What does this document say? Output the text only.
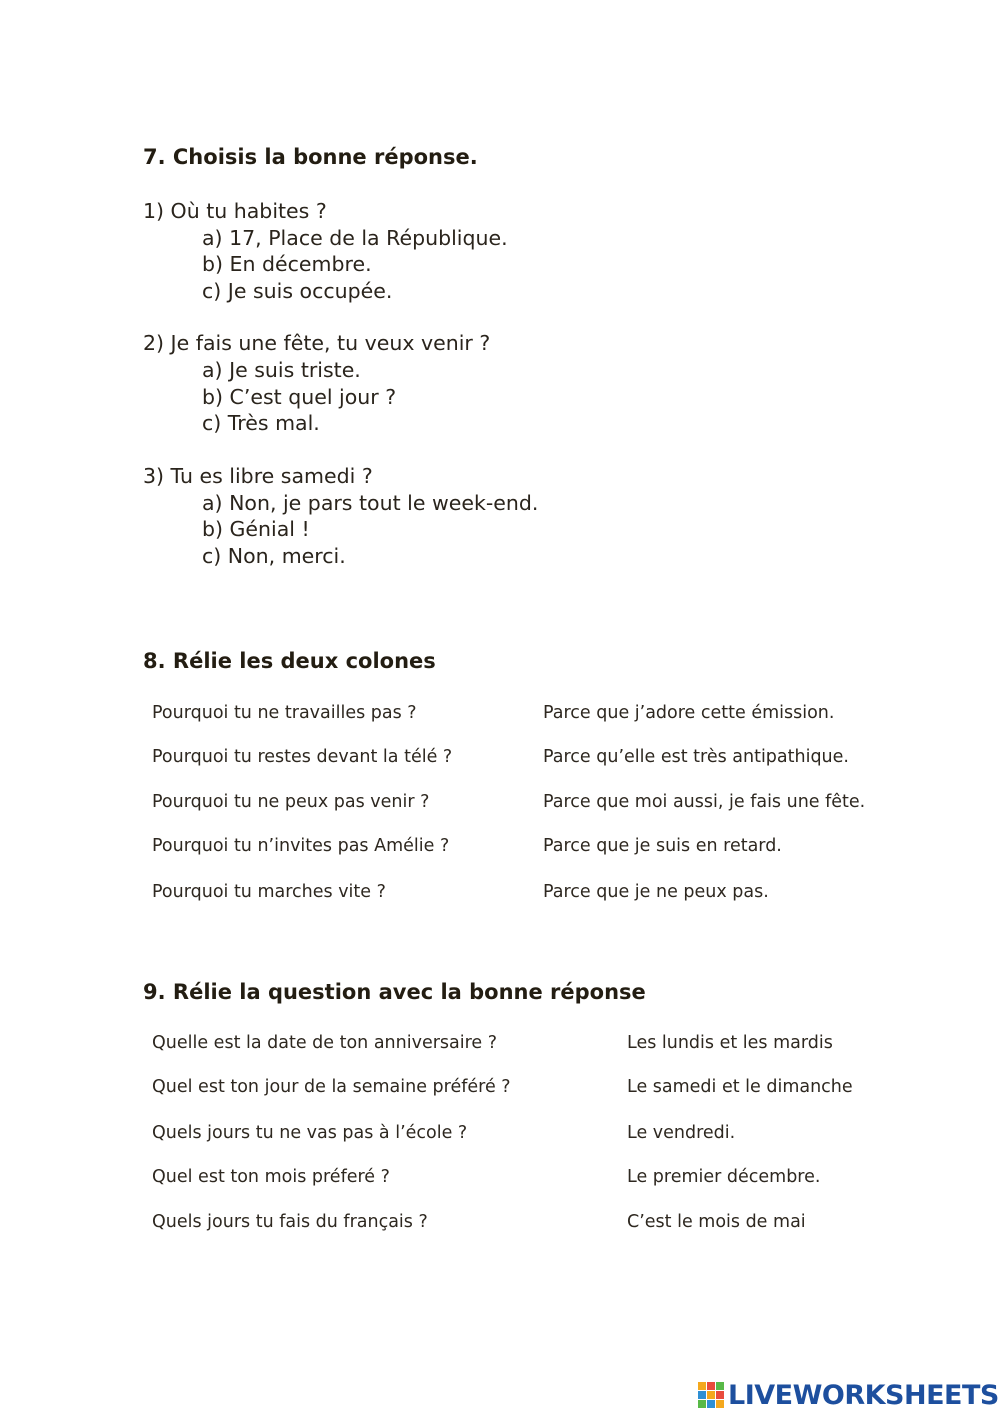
7. Choisis la bonne réponse.
1) Où tu habites ?
a) 17, Place de la République.
b) En décembre.
c) Je suis occupée.
2) Je fais une fête, tu veux venir ?
a) Je suis triste.
b) C’est quel jour ?
c) Très mal.
3) Tu es libre samedi ?
a) Non, je pars tout le week-end.
b) Génial !
c) Non, merci.
8. Rélie les deux colones
Pourquoi tu ne travailles pas ?
Pourquoi tu restes devant la télé ?
Pourquoi tu ne peux pas venir ?
Pourquoi tu n’invites pas Amélie ?
Pourquoi tu marches vite ?
Parce que j’adore cette émission.
Parce qu’elle est très antipathique.
Parce que moi aussi, je fais une fête.
Parce que je suis en retard.
Parce que je ne peux pas.
9. Rélie la question avec la bonne réponse
Quelle est la date de ton anniversaire ?
Quel est ton jour de la semaine préféré ?
Quels jours tu ne vas pas à l’école ?
Quel est ton mois préferé ?
Quels jours tu fais du français ?
Les lundis et les mardis
Le samedi et le dimanche
Le vendredi.
Le premier décembre.
C’est le mois de mai
LIVEWORKSHEETS
